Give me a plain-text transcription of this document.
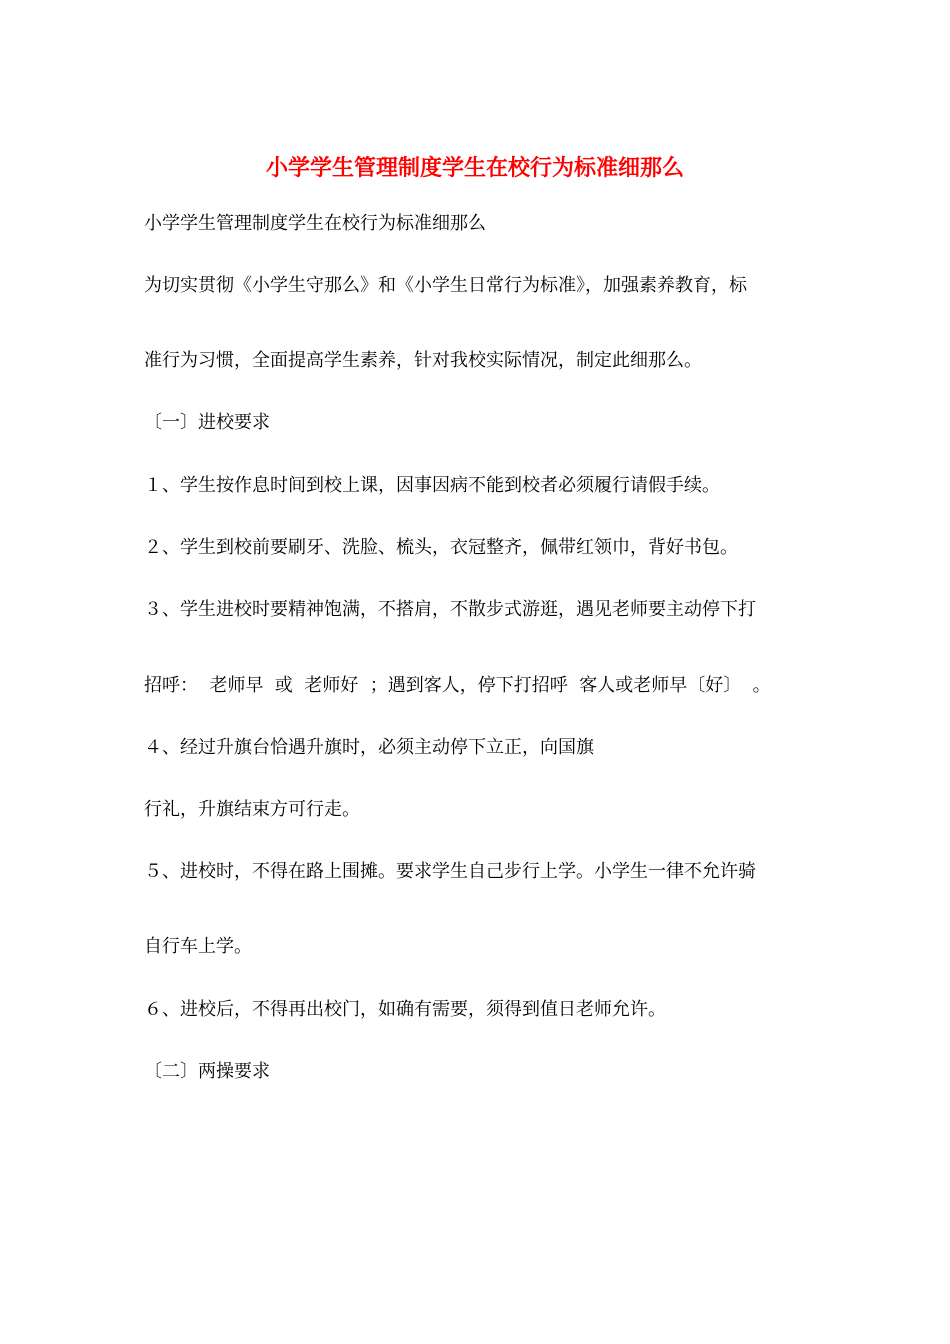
小学学生管理制度学生在校行为标准细那么
小学学生管理制度学生在校行为标准细那么
为切实贯彻《小学生守那么》和《小学生日常行为标准》，加强素养教育，标
准行为习惯，全面提高学生素养，针对我校实际情况，制定此细那么。
〔一〕进校要求
１、学生按作息时间到校上课，因事因病不能到校者必须履行请假手续。
２、学生到校前要刷牙、洗脸、梳头，衣冠整齐，佩带红领巾，背好书包。
３、学生进校时要精神饱满，不搭肩，不散步式游逛，遇见老师要主动停下打
招呼：  老师早  或  老师好  ；遇到客人，停下打招呼  客人或老师早〔好〕  。
４、经过升旗台恰遇升旗时，必须主动停下立正，向国旗
行礼，升旗结束方可行走。
５、进校时，不得在路上围摊。要求学生自己步行上学。小学生一律不允许骑
自行车上学。
６、进校后，不得再出校门，如确有需要，须得到值日老师允许。
〔二〕两操要求
